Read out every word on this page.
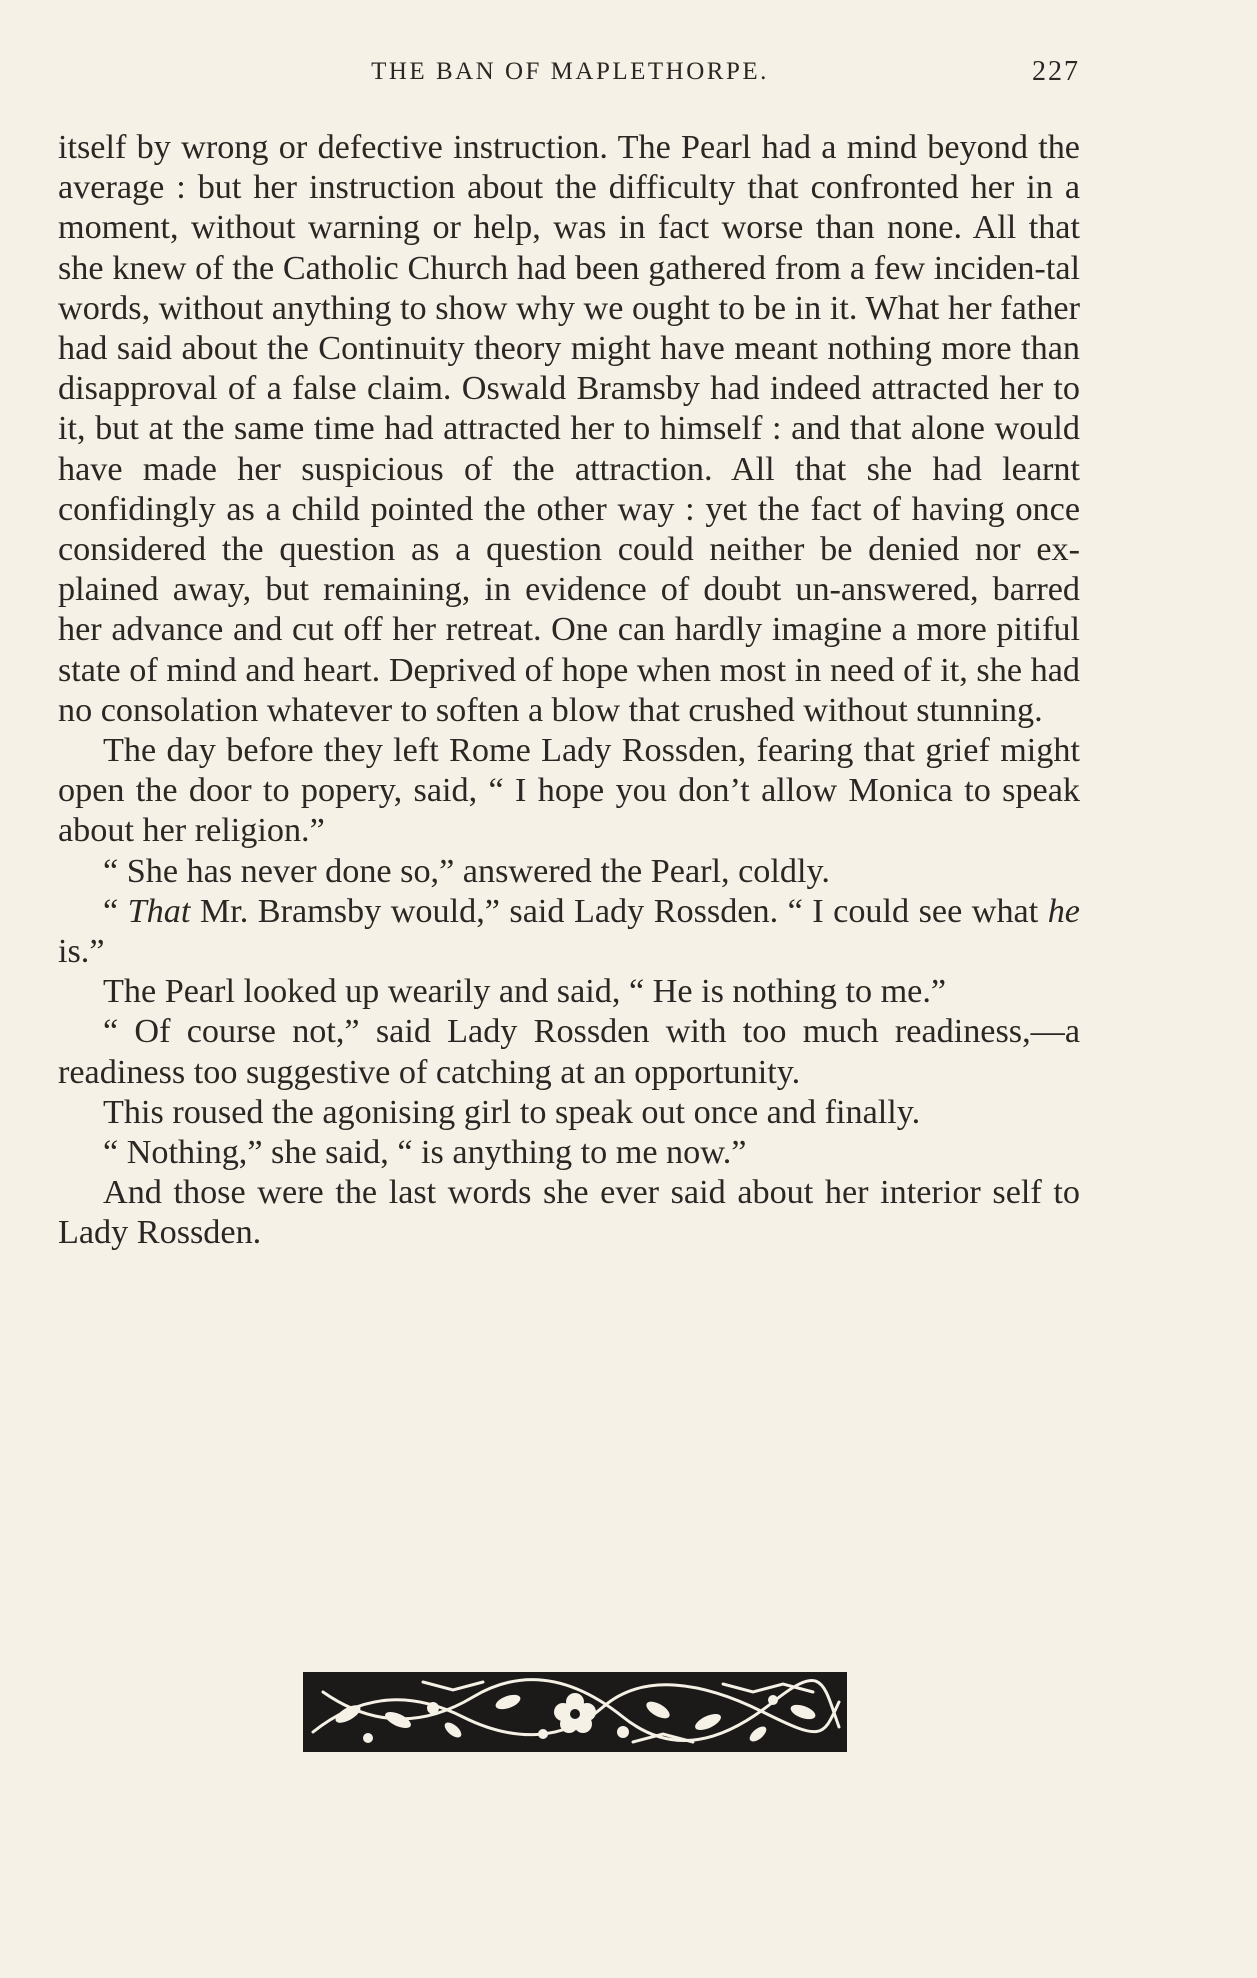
THE BAN OF MAPLETHORPE.	227

itself by wrong or defective instruction. The Pearl had a mind beyond the average : but her instruction about the difficulty that confronted her in a moment, without warning or help, was in fact worse than none. All that she knew of the Catholic Church had been gathered from a few inciden-tal words, without anything to show why we ought to be in it. What her father had said about the Continuity theory might have meant nothing more than disapproval of a false claim. Oswald Bramsby had indeed attracted her to it, but at the same time had attracted her to himself : and that alone would have made her suspicious of the attraction. All that she had learnt confidingly as a child pointed the other way : yet the fact of having once considered the question as a question could neither be denied nor ex-plained away, but remaining, in evidence of doubt un-answered, barred her advance and cut off her retreat. One can hardly imagine a more pitiful state of mind and heart. Deprived of hope when most in need of it, she had no consolation whatever to soften a blow that crushed without stunning.

The day before they left Rome Lady Rossden, fearing that grief might open the door to popery, said, “ I hope you don’t allow Monica to speak about her religion.”

“ She has never done so,” answered the Pearl, coldly.

“ That Mr. Bramsby would,” said Lady Rossden. “ I could see what he is.”

The Pearl looked up wearily and said, “ He is nothing to me.”

“ Of course not,” said Lady Rossden with too much readiness,—a readiness too suggestive of catching at an opportunity.

This roused the agonising girl to speak out once and finally.

“ Nothing,” she said, “ is anything to me now.”

And those were the last words she ever said about her interior self to Lady Rossden.
